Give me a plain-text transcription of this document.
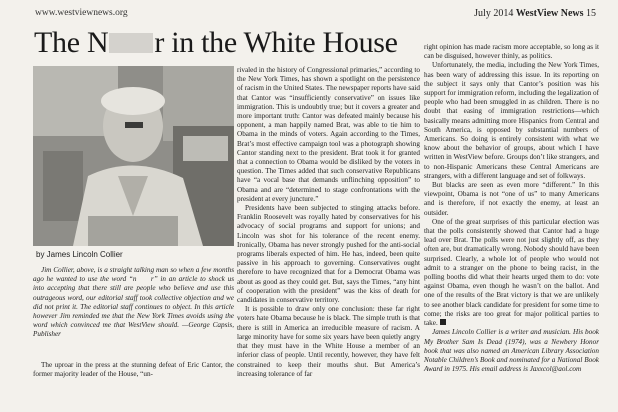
www.westviewnews.org	July 2014 WestView News 15
The N r in the White House
by James Lincoln Collier

Jim Collier, above, is a straight talking man so when a few months ago he wanted to use the word “n  r” in an article to shock us into accepting that there still are people who believe and use this outrageous word, our editorial staff took collective objection and we did not print it. The editorial staff continues to object. In this article however Jim reminded me that the New York Times avoids using the word which convinced me that WestView should. —George Capsis, Publisher

The uproar in the press at the stunning defeat of Eric Cantor, the former majority leader of the House, “un-

rivaled in the history of Congressional primaries,” according to the New York Times, has shown a spotlight on the persistence of racism in the United States. The newspaper reports have said that Cantor was “insufficiently conservative” on issues like immigration. This is undoubtly true; but it covers a greater and more important truth: Cantor was defeated mainly because his opponent, a man happily named Brat, was able to tie him to Obama in the minds of voters. Again according to the Times, Brat’s most effective campaign tool was a photograph showing Cantor standing next to the president. Brat took it for granted that a connection to Obama would be disliked by the voters in question. The Times added that such conservative Republicans have “a vocal base that demands unflinching opposition” to Obama and are “determined to stage confrontations with the president at every juncture.”

Presidents have been subjected to stinging attacks before. Franklin Roosevelt was royally hated by conservatives for his advocacy of social programs and support for unions; and Lincoln was shot for his tolerance of the recent enemy. Ironically, Obama has never strongly pushed for the anti-social programs liberals expected of him. He has, indeed, been quite passive in his approach to governing. Conservatives ought therefore to have recognized that for a Democrat Obama was about as good as they could get. But, says the Times, “any hint of cooperation with the president” was the kiss of death for candidates in conservative territory.

It is possible to draw only one conclusion: these far right voters hate Obama because he is black. The simple truth is that there is still in America an irreducible measure of racism. A large minority have for some six years have been quietly angry that they must have in the White House a member of an inferior class of people. Until recently, however, they have felt constrained to keep their mouths shut. But America’s increasing tolerance of far

right opinion has made racism more acceptable, so long as it can be disguised, however thinly, as politics.

Unfortunately, the media, including the New York Times, has been wary of addressing this issue. In its reporting on the subject it says only that Cantor’s position was his support for immigration reform, including the legalization of people who had been smuggled in as children. There is no doubt that easing of immigration restrictions—which basically means admitting more Hispanics from Central and South America, is opposed by substantial numbers of Americans. So doing is entirely consistent with what we know about the behavior of groups, about which I have written in WestView before. Groups don’t like strangers, and to non-Hispanic Americans these Central Americans are strangers, with a different language and set of folkways.

But blacks are seen as even more “different.” In this viewpoint, Obama is not “one of us” to many Americans and is therefore, if not exactly the enemy, at least an outsider.

One of the great surprises of this particular election was that the polls consistently showed that Cantor had a huge lead over Brat. The polls were not just slightly off, as they often are, but dramatically wrong. Nobody should have been surprised. Clearly, a whole lot of people who would not admit to a stranger on the phone to being racist, in the polling booths did what their hearts urged them to do: vote against Obama, even though he wasn’t on the ballot. And one of the results of the Brat victory is that we are unlikely to see another black candidate for president for some time to come; the risks are too great for major political parties to take.

James Lincoln Collier is a writer and musician. His book My Brother Sam Is Dead (1974), was a Newbery Honor book that was also named an American Library Association Notable Children’s Book and nominated for a National Book Award in 1975. His email address is Jaxxcol@aol.com
